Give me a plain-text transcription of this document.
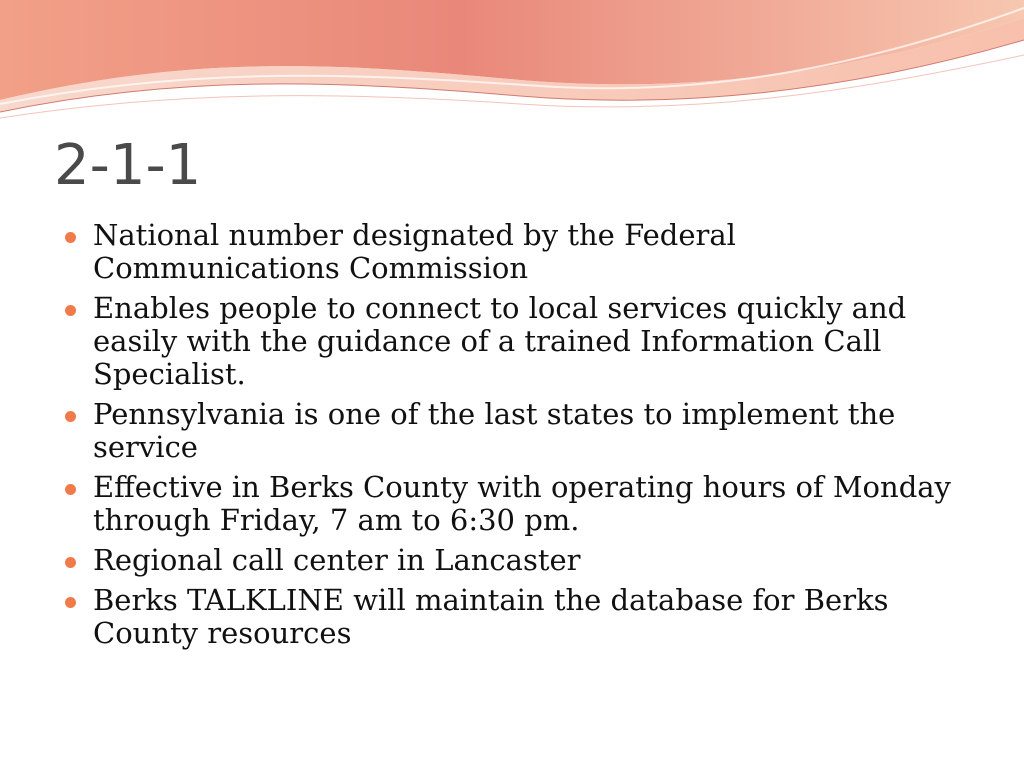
2-1-1
National number designated by the Federal Communications Commission
Enables people to connect to local services quickly and easily with the guidance of a trained Information Call Specialist.
Pennsylvania is one of the last states to implement the service
Effective in Berks County with operating hours of Monday through Friday, 7 am to 6:30 pm.
Regional call center in Lancaster
Berks TALKLINE will maintain the database for Berks County resources
